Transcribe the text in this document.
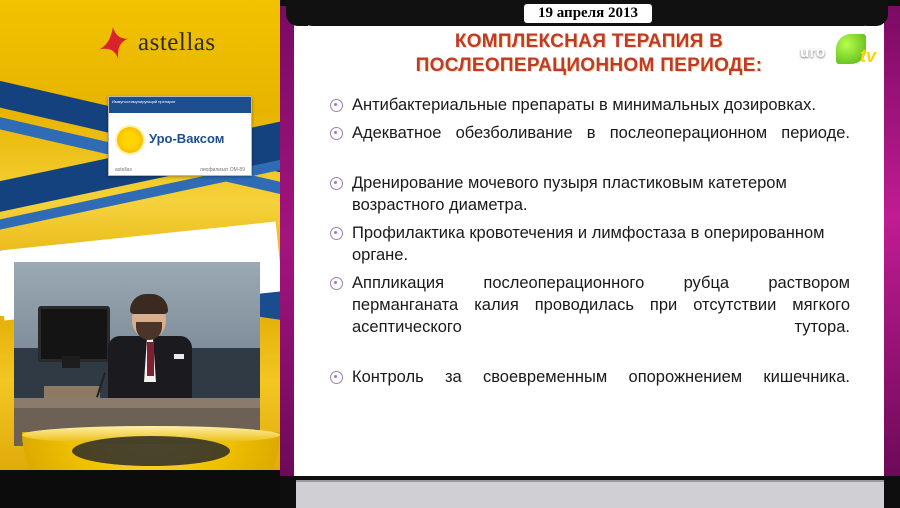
astellas
Иммуностимулирующий препарат
Уро-Ваксом
astellas	лиофилизат ОМ-89
КОМПЛЕКСНАЯ ТЕРАПИЯ В
ПОСЛЕОПЕРАЦИОННОМ ПЕРИОДЕ:
Антибактериальные препараты в минимальных дозировках.
Адекватное обезболивание в послеоперационном периоде.
Дренирование мочевого пузыря пластиковым катетером возрастного диаметра.
Профилактика кровотечения и лимфостаза в оперированном органе.
Аппликация послеоперационного рубца раствором перманганата калия проводилась при отсутствии мягкого асептического тутора.
Контроль за своевременным опорожнением кишечника.
19 апреля 2013
uro tv
